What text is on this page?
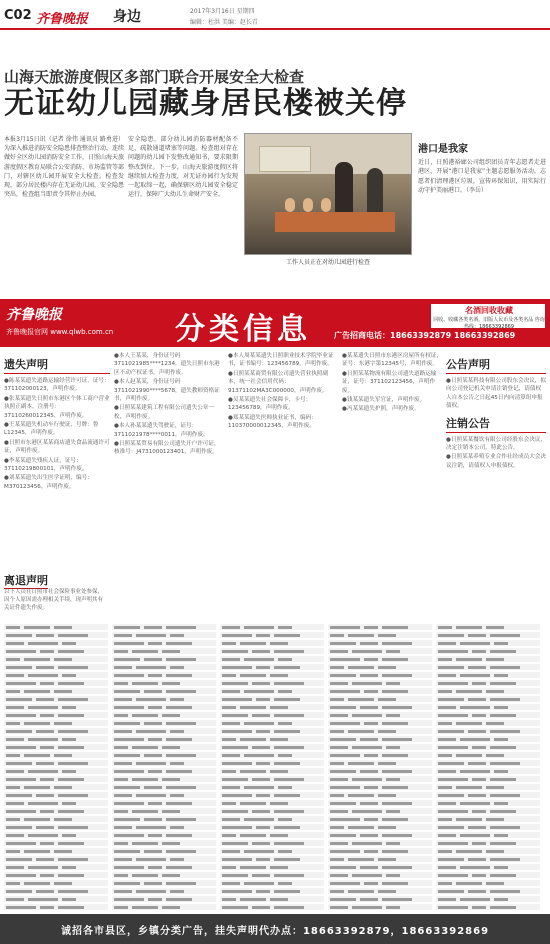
C02 齐鲁晚报 身边	2017年3月16日 星期四
编辑：杜洪 美编：赵长青
山海天旅游度假区多部门联合开展安全大检查
无证幼儿园藏身居民楼被关停
本报3月15日讯（记者 徐伟 通讯员 路勇进）为深入推进消防安全隐患排查整治行动，连续做好全区幼儿园消防安全工作，日照山海天旅游度假区教育局联合公安消防、市场监管等部门，对辖区幼儿园开展安全大检查。检查发现，部分居民楼内存在无证幼儿园，安全隐患突出，检查组当即责令其停止办园。
安全隐患，部分幼儿园消防器材配备不足，疏散通道堵塞等问题。检查组对存在问题的幼儿园下发整改通知书，要求限期整改到位。下一步，山海天旅游度假区将继续加大检查力度，对无证办园行为发现一起取缔一起，确保辖区幼儿园安全稳定运行，保障广大幼儿生命财产安全。
工作人员正在对幼儿园进行检查
港口是我家
近日，日照港裕廊公司组织团员青年志愿者走进港区，开展“港口是我家”主题志愿服务活动。志愿者们清理港区垃圾，宣传环保知识，用实际行动守护美丽港口。（李岳）
齐鲁晚报
齐鲁晚报官网 www.qlwb.com.cn 分类信息	广告招商电话：18663392879 18663392869
名酒回收收藏
回收、收藏各类名酒，旧版人民币及各类名品 咨询热线：18663392869
遗失声明
●陈某某遗失道路运输经营许可证，证号：371102000123，声明作废。
●张某某遗失日照市东港区个体工商户营业执照正副本，注册号：37110260012345，声明作废。
●王某某遗失机动车行驶证，号牌：鲁L12345，声明作废。
●日照市东港区某某商店遗失食品流通许可证，声明作废。
●李某某遗失残疾人证，证号：37110219800101，声明作废。
●刘某某遗失出生医学证明，编号：M370123456，声明作废。
●本人王某某，身份证号码3711021985****1234，遗失日照市东港区不动产权证书，声明作废。
●本人赵某某，身份证号码3711021990****5678，遗失教师资格证书，声明作废。
●日照某某建筑工程有限公司遗失公章一枚，声明作废。
●本人孙某某遗失驾驶证，证号：3711021978****0011，声明作废。
●日照某某贸易有限公司遗失开户许可证，核准号：J4731000123401，声明作废。
●本人周某某遗失日照职业技术学院毕业证书，证书编号：123456789，声明作废。
●日照某某商贸有限公司遗失营业执照副本，统一社会信用代码：91371102MA3C000000，声明作废。
●吴某某遗失社会保障卡，卡号：123456789，声明作废。
●郑某某遗失医师执业证书，编码：110370000012345，声明作废。
●某某遗失日照市东港区房屋所有权证，证号：东港字第12345号，声明作废。
●日照某某物流有限公司遗失道路运输证，证号：371102123456，声明作废。
●钱某某遗失军官证，声明作废。
●冯某某遗失护照，声明作废。
公告声明
●日照某某科技有限公司股东会决议，拟向公司登记机关申请注销登记，请债权人自本公告之日起45日内向清算组申报债权。
注销公告
●日照某某餐饮有限公司经股东会决议，决定注销本公司，特此公告。
●日照某某养殖专业合作社经成员大会决议注销，请债权人申报债权。
离退声明
以下人员在日照市社会保险事业处参保，因个人原因需办理相关手续，现声明其有关证件遗失作废。
诚招各市县区，乡镇分类广告，挂失声明代办点：18663392879，18663392869
